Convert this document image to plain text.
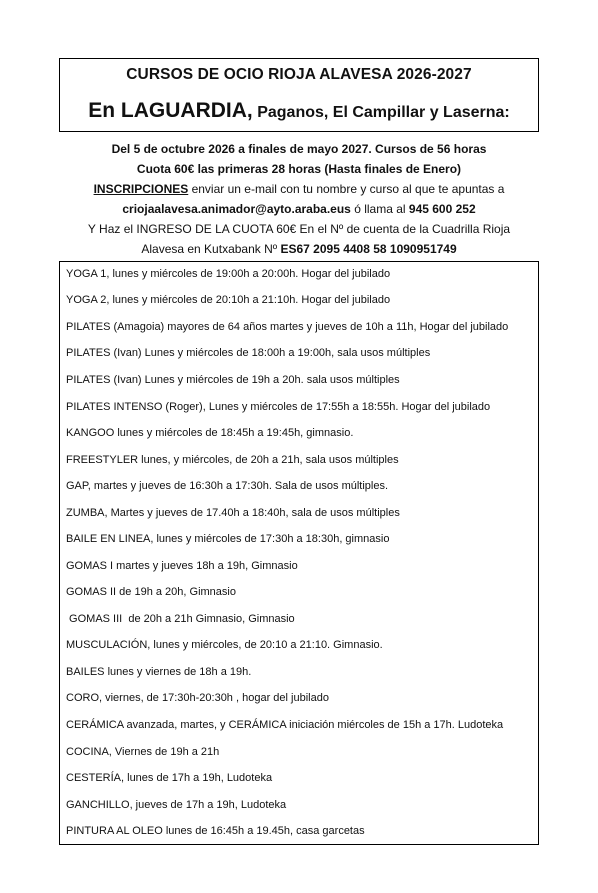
CURSOS DE OCIO RIOJA ALAVESA 2026-2027
En LAGUARDIA, Paganos, El Campillar y Laserna:
Del 5 de octubre 2026 a finales de mayo 2027. Cursos de 56 horas
Cuota 60€ las primeras 28 horas (Hasta finales de Enero)
INSCRIPCIONES enviar un e-mail con tu nombre y curso al que te apuntas a
criojaalavesa.animador@ayto.araba.eus ó llama al 945 600 252
Y Haz el INGRESO DE LA CUOTA 60€ En el Nº de cuenta de la Cuadrilla Rioja
Alavesa en Kutxabank Nº ES67 2095 4408 58 1090951749
YOGA 1, lunes y miércoles de 19:00h a 20:00h. Hogar del jubilado
YOGA 2, lunes y miércoles de 20:10h a 21:10h. Hogar del jubilado
PILATES (Amagoia) mayores de 64 años martes y jueves de 10h a 11h, Hogar del jubilado
PILATES (Ivan) Lunes y miércoles de 18:00h a 19:00h, sala usos múltiples
PILATES (Ivan) Lunes y miércoles de 19h a 20h. sala usos múltiples
PILATES INTENSO (Roger), Lunes y miércoles de 17:55h a 18:55h. Hogar del jubilado
KANGOO lunes y miércoles de 18:45h a 19:45h, gimnasio.
FREESTYLER lunes, y miércoles, de 20h a 21h, sala usos múltiples
GAP, martes y jueves de 16:30h a 17:30h. Sala de usos múltiples.
ZUMBA, Martes y jueves de 17.40h a 18:40h, sala de usos múltiples
BAILE EN LINEA, lunes y miércoles de 17:30h a 18:30h, gimnasio
GOMAS I martes y jueves 18h a 19h, Gimnasio
GOMAS II de 19h a 20h, Gimnasio
GOMAS III  de 20h a 21h Gimnasio, Gimnasio
MUSCULACIÓN, lunes y miércoles, de 20:10 a 21:10. Gimnasio.
BAILES lunes y viernes de 18h a 19h.
CORO, viernes, de 17:30h-20:30h , hogar del jubilado
CERÁMICA avanzada, martes, y CERÁMICA iniciación miércoles de 15h a 17h. Ludoteka
COCINA, Viernes de 19h a 21h
CESTERÍA, lunes de 17h a 19h, Ludoteka
GANCHILLO, jueves de 17h a 19h, Ludoteka
PINTURA AL OLEO lunes de 16:45h a 19.45h, casa garcetas
